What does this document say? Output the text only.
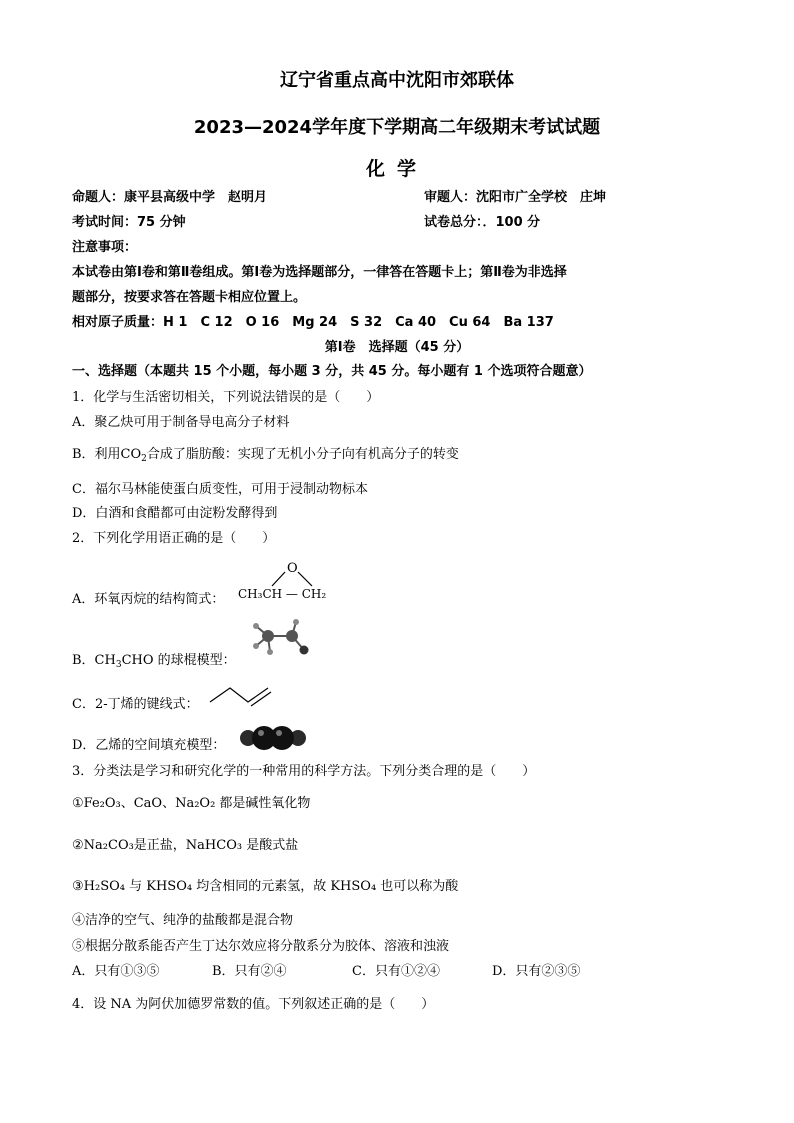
辽宁省重点高中沈阳市郊联体
2023—2024学年度下学期高二年级期末考试试题
化学
命题人：康平县高级中学　赵明月	审题人：沈阳市广全学校　庄坤
考试时间：75 分钟	试卷总分：．100 分
注意事项：
本试卷由第Ⅰ卷和第Ⅱ卷组成。第Ⅰ卷为选择题部分，一律答在答题卡上；第Ⅱ卷为非选择
题部分，按要求答在答题卡相应位置上。
相对原子质量：H 1　C 12　O 16　Mg 24　S 32　Ca 40　Cu 64　Ba 137
第Ⅰ卷　选择题（45 分）
一、选择题（本题共 15 个小题，每小题 3 分，共 45 分。每小题有 1 个选项符合题意）
1．化学与生活密切相关，下列说法错误的是（　　）
A．聚乙炔可用于制备导电高分子材料
B．利用$CO_2$合成了脂肪酸：实现了无机小分子向有机高分子的转变
C．福尔马林能使蛋白质变性，可用于浸制动物标本
D．白酒和食醋都可由淀粉发酵得到
2．下列化学用语正确的是（　　）
A．环氧丙烷的结构简式：
O
CH₃CH — CH₂
B．$CH_3CHO$ 的球棍模型：
C．2-丁烯的键线式：
D．乙烯的空间填充模型：
3．分类法是学习和研究化学的一种常用的科学方法。下列分类合理的是（　　）
①Fe₂O₃、CaO、Na₂O₂ 都是碱性氧化物
②Na₂CO₃是正盐，NaHCO₃ 是酸式盐
③H₂SO₄ 与 KHSO₄ 均含相同的元素氢，故 KHSO₄ 也可以称为酸
④洁净的空气、纯净的盐酸都是混合物
⑤根据分散系能否产生丁达尔效应将分散系分为胶体、溶液和浊液
A．只有①③⑤	B．只有②④	C．只有①②④	D．只有②③⑤
4．设 NA 为阿伏加德罗常数的值。下列叙述正确的是（　　）
